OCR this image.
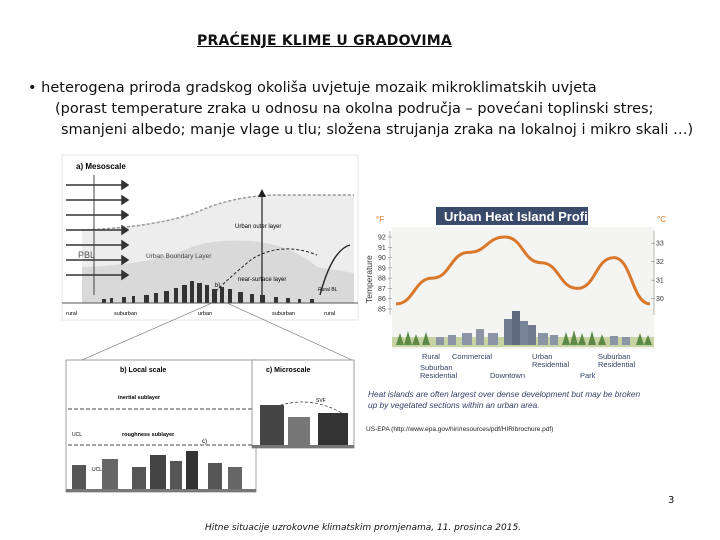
PRAĆENJE KLIME U GRADOVIMA
• heterogena priroda gradskog okoliša uvjetuje mozaik mikroklimatskih uvjeta
(porast temperature zraka u odnosu na okolna područja – povećani toplinski stres;
smanjeni albedo; manje vlage u tlu; složena strujanja zraka na lokalnoj i mikro skali …)
a) Mesoscale
Urban outer layer
PBL	Urban Boundary Layer
near-surface layer
Rural BL
b)
rural	suburban	urban	suburban	rural
b) Local scale
inertial sublayer
roughness sublayer
UCL
UCL
c)
c) Microscale
SVF
Urban Heat Island Profile
°F	°C
Temperature
92
91
90
89
88
87
86
85
33
32
31
30
Rural Commercial	Urban Residential
Suburban Residential
Suburban Residential	Downtown	Park
Heat islands are often largest over dense development but may be broken
up by vegetated sections within an urban area.
US-EPA (http://www.epa.gov/hiri/resources/pdf/HIRIbrochure.pdf)
3
Hitne situacije uzrokovne klimatskim promjenama, 11. prosinca 2015.
